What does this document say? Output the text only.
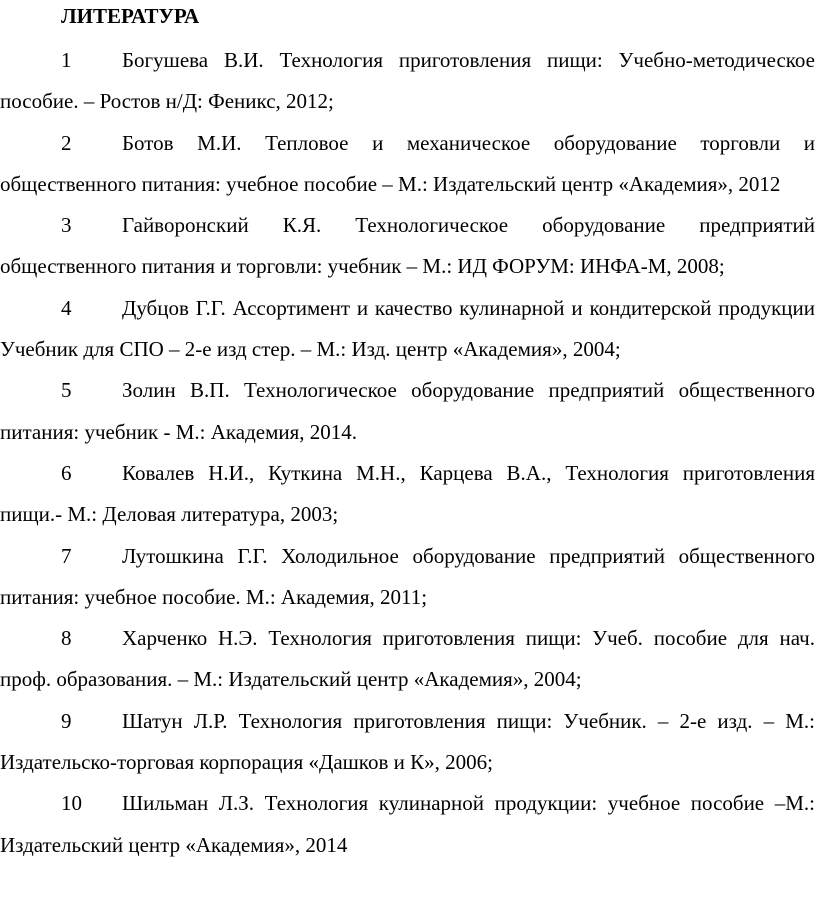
ЛИТЕРАТУРА
1 Богушева В.И. Технология приготовления пищи: Учебно-методическое пособие. – Ростов н/Д: Феникс, 2012;
2 Ботов М.И. Тепловое и механическое оборудование торговли и общественного питания: учебное пособие – М.: Издательский центр «Академия», 2012
3 Гайворонский К.Я. Технологическое оборудование предприятий общественного питания и торговли: учебник – М.: ИД ФОРУМ: ИНФА-М, 2008;
4 Дубцов Г.Г. Ассортимент и качество кулинарной и кондитерской продукции Учебник для СПО – 2-е изд стер. – М.: Изд. центр «Академия», 2004;
5 Золин В.П. Технологическое оборудование предприятий общественного питания: учебник - М.: Академия, 2014.
6 Ковалев Н.И., Куткина М.Н., Карцева В.А., Технология приготовления пищи.- М.: Деловая литература, 2003;
7 Лутошкина Г.Г. Холодильное оборудование предприятий общественного питания: учебное пособие. М.: Академия, 2011;
8 Харченко Н.Э. Технология приготовления пищи: Учеб. пособие для нач. проф. образования. – М.: Издательский центр «Академия», 2004;
9 Шатун Л.Р. Технология приготовления пищи: Учебник. – 2-е изд. – М.: Издательско-торговая корпорация «Дашков и К», 2006;
10 Шильман Л.З. Технология кулинарной продукции: учебное пособие –М.: Издательский центр «Академия», 2014
